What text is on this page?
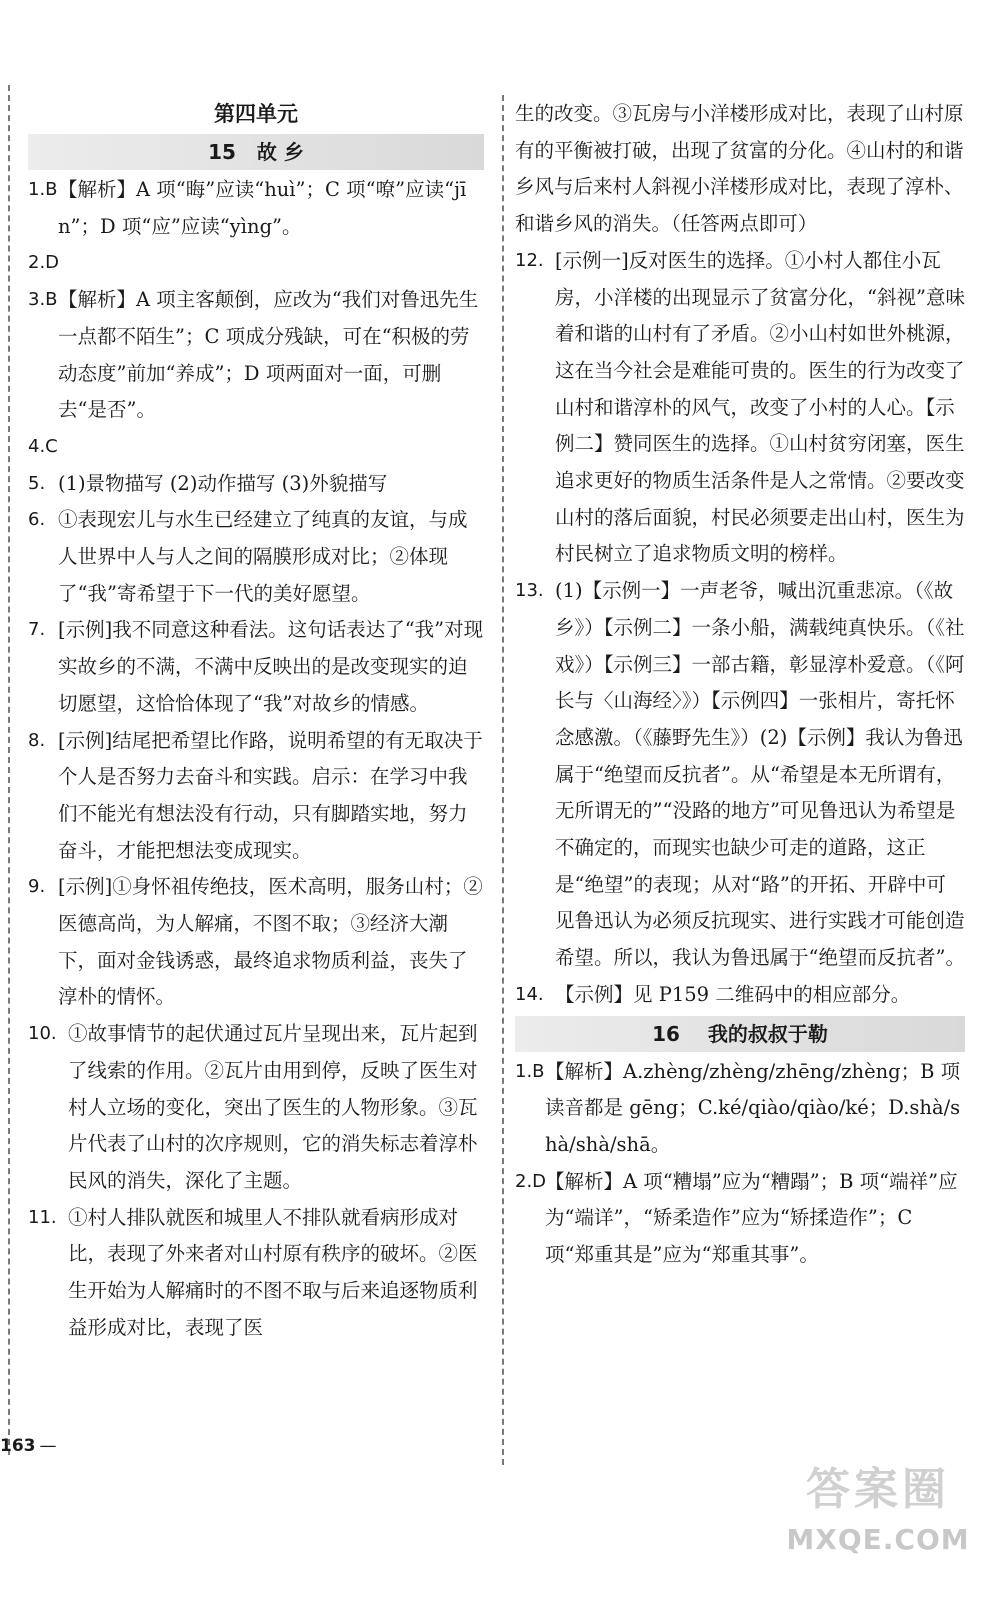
第四单元
15 故 乡
1.B 【解析】A 项“晦”应读“huì”；C 项“嘹”应读“jīn”；D 项“应”应读“yìng”。
2.D

3.B 【解析】A 项主客颠倒，应改为“我们对鲁迅先生一点都不陌生”；C 项成分残缺，可在“积极的劳动态度”前加“养成”；D 项两面对一面，可删去“是否”。
4.C

5. (1)景物描写 (2)动作描写 (3)外貌描写
6. ①表现宏儿与水生已经建立了纯真的友谊，与成人世界中人与人之间的隔膜形成对比；②体现了“我”寄希望于下一代的美好愿望。
7. [示例]我不同意这种看法。这句话表达了“我”对现实故乡的不满，不满中反映出的是改变现实的迫切愿望，这恰恰体现了“我”对故乡的情感。
8. [示例]结尾把希望比作路，说明希望的有无取决于个人是否努力去奋斗和实践。启示：在学习中我们不能光有想法没有行动，只有脚踏实地，努力奋斗，才能把想法变成现实。
9. [示例]①身怀祖传绝技，医术高明，服务山村；②医德高尚，为人解痛，不图不取；③经济大潮下，面对金钱诱惑，最终追求物质利益，丧失了淳朴的情怀。
10. ①故事情节的起伏通过瓦片呈现出来，瓦片起到了线索的作用。②瓦片由用到停，反映了医生对村人立场的变化，突出了医生的人物形象。③瓦片代表了山村的次序规则，它的消失标志着淳朴民风的消失，深化了主题。
11. ①村人排队就医和城里人不排队就看病形成对比，表现了外来者对山村原有秩序的破坏。②医生开始为人解痛时的不图不取与后来追逐物质利益形成对比，表现了医
生的改变。③瓦房与小洋楼形成对比，表现了山村原有的平衡被打破，出现了贫富的分化。④山村的和谐乡风与后来村人斜视小洋楼形成对比，表现了淳朴、和谐乡风的消失。（任答两点即可）
12. [示例一]反对医生的选择。①小村人都住小瓦房，小洋楼的出现显示了贫富分化，“斜视”意味着和谐的山村有了矛盾。②小山村如世外桃源，这在当今社会是难能可贵的。医生的行为改变了山村和谐淳朴的风气，改变了小村的人心。【示例二】赞同医生的选择。①山村贫穷闭塞，医生追求更好的物质生活条件是人之常情。②要改变山村的落后面貌，村民必须要走出山村，医生为村民树立了追求物质文明的榜样。
13. (1)【示例一】一声老爷，喊出沉重悲凉。（《故乡》）【示例二】一条小船，满载纯真快乐。（《社戏》）【示例三】一部古籍，彰显淳朴爱意。（《阿长与〈山海经〉》）【示例四】一张相片，寄托怀念感激。（《藤野先生》）(2)【示例】我认为鲁迅属于“绝望而反抗者”。从“希望是本无所谓有，无所谓无的”“没路的地方”可见鲁迅认为希望是不确定的，而现实也缺少可走的道路，这正是“绝望”的表现；从对“路”的开拓、开辟中可见鲁迅认为必须反抗现实、进行实践才可能创造希望。所以，我认为鲁迅属于“绝望而反抗者”。
14. 【示例】见 P159 二维码中的相应部分。
16 我的叔叔于勒
1.B 【解析】A.zhèng/zhèng/zhēng/zhèng；B 项读音都是 gēng；C.ké/qiào/qiào/ké；D.shà/shà/shà/shā。
2.D
【解析】A 项“糟塌”应为“糟蹋”；B 项“端祥”应为“端详”，“矫柔造作”应为“矫揉造作”；C 项“郑重其是”应为“郑重其事”。
163 —
答案圈
MXQE.COM
